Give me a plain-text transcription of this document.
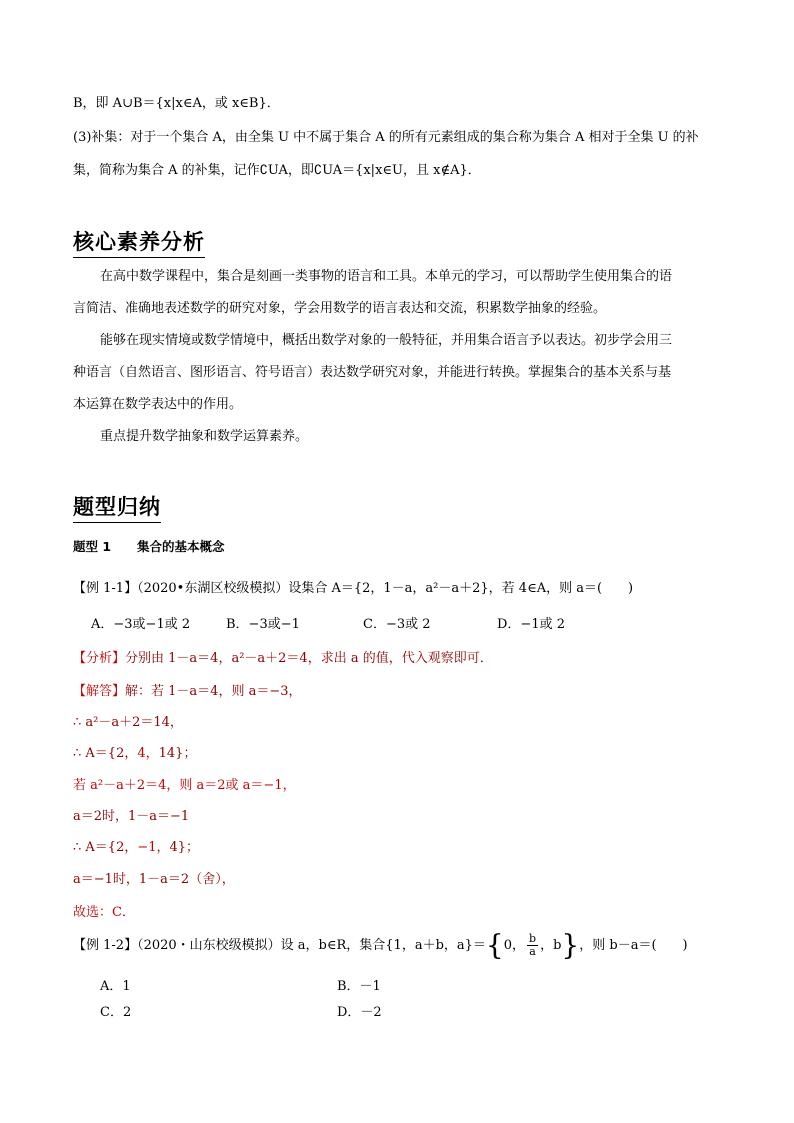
B，即 A∪B＝{x|x∈A，或 x∈B}．
(3)补集：对于一个集合 A，由全集 U 中不属于集合 A 的所有元素组成的集合称为集合 A 相对于全集 U 的补
集，简称为集合 A 的补集，记作∁UA，即∁UA＝{x|x∈U，且 x∉A}．
核心素养分析
在高中数学课程中，集合是刻画一类事物的语言和工具。本单元的学习，可以帮助学生使用集合的语
言简洁、准确地表述数学的研究对象，学会用数学的语言表达和交流，积累数学抽象的经验。
能够在现实情境或数学情境中，概括出数学对象的一般特征，并用集合语言予以表达。初步学会用三
种语言（自然语言、图形语言、符号语言）表达数学研究对象，并能进行转换。掌握集合的基本关系与基
本运算在数学表达中的作用。
重点提升数学抽象和数学运算素养。
题型归纳
题型 1 集合的基本概念
【例 1-1】（2020•东湖区校级模拟）设集合 A＝{2，1－a，a²－a＋2}，若 4∈A，则 a＝(　　)
A．−3或−1或 2	B．−3或−1	C．−3或 2	D．−1或 2
【分析】分别由 1－a＝4，a²－a＋2＝4，求出 a 的值，代入观察即可．
【解答】解：若 1－a＝4，则 a＝−3，
∴ a²－a＋2＝14，
∴ A＝{2，4，14}；
若 a²－a＋2＝4，则 a＝2或 a＝−1，
a＝2时，1－a＝−1
∴ A＝{2，−1，4}；
a＝−1时，1－a＝2（舍），
故选：C．
【例 1-2】（2020・山东校级模拟）设 a，b∈R，集合{1，a＋b，a}＝{0， $\frac{b}{a}$ ，b}，则 b－a＝(　　)
A．1	B．－1
C．2	D．－2
